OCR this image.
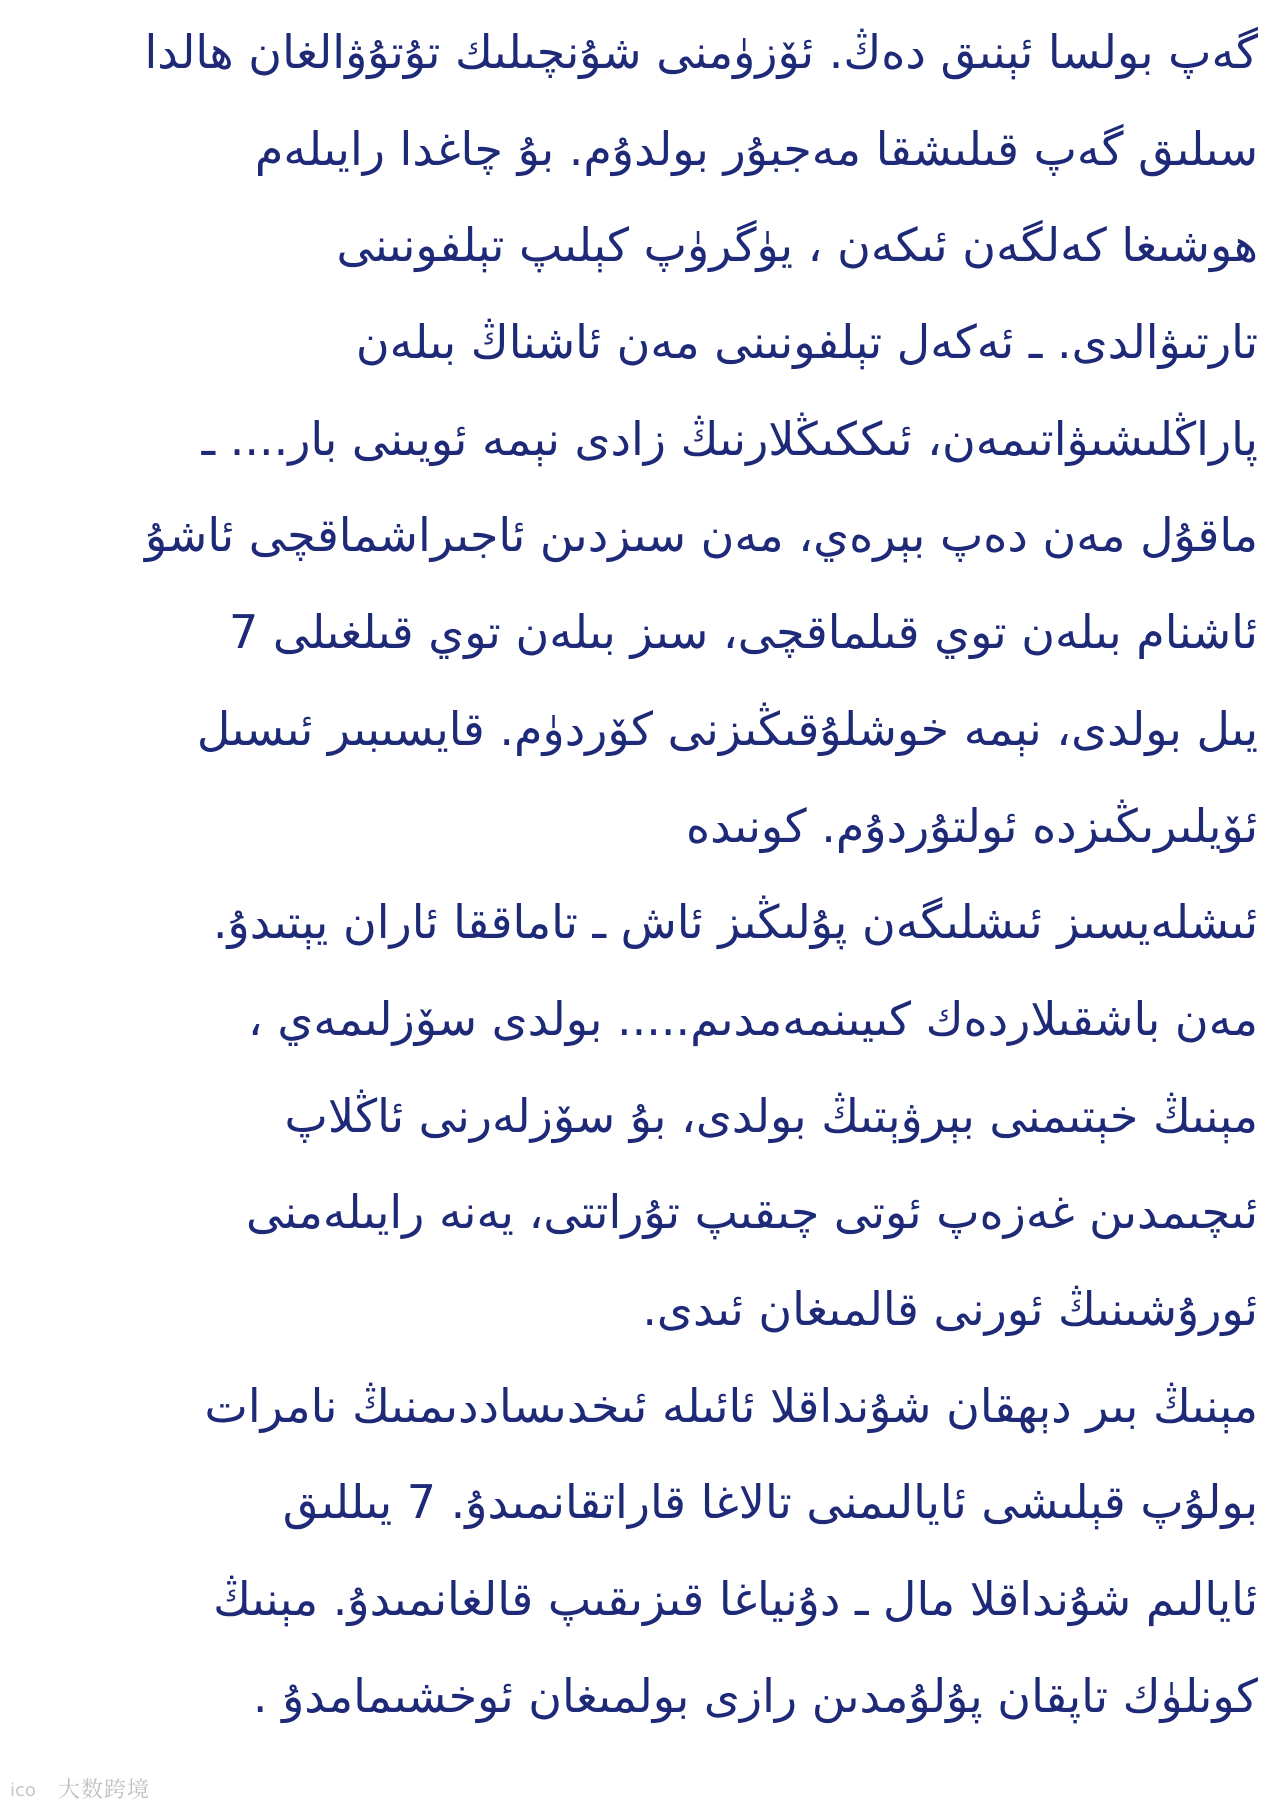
گەپ بولسا ئېنىق دەڭ. ئۆزۈمنى شۇنچىلىك تۇتۇۋالغان ھالدا
سىلىق گەپ قىلىشقا مەجبۇر بولدۇم. بۇ چاغدا رايىلەم
ھوشىغا كەلگەن ئىكەن ، يۈگرۈپ كېلىپ تېلفونىنى
تارتىۋالدى. ـ ئەكەل تېلفونىنى مەن ئاشناڭ بىلەن
پاراڭلىشىۋاتىمەن، ئىككىڭلارنىڭ زادى نېمە ئويىنى بار.... ـ
ماقۇل مەن دەپ بېرەي، مەن سىزدىن ئاجىراشماقچى ئاشۇ
ئاشنام بىلەن توي قىلماقچى، سىز بىلەن توي قىلغىلى 7
يىل بولدى، نېمە خوشلۇقىڭىزنى كۆردۈم. قايسىبىر ئىسىل
ئۆيلىرىڭىزدە ئولتۇردۇم. كونىدە
ئىشلەيسىز ئىشلىگەن پۇلىڭىز ئاش ـ تاماققا ئاران يېتىدۇ.
مەن باشقىلاردەك كىيىنمەمدىم..... بولدى سۆزلىمەي ،
مېنىڭ خېتىمنى بېرۋېتىڭ بولدى، بۇ سۆزلەرنى ئاڭلاپ
ئىچىمدىن غەزەپ ئوتى چىقىپ تۇراتتى، يەنە رايىلەمنى
ئورۇشىنىڭ ئورنى قالمىغان ئىدى.
مېنىڭ بىر دېھقان شۇنداقلا ئائىلە ئىخدىساددىمنىڭ نامرات
بولۇپ قېلىشى ئايالىمنى تالاغا قاراتقانمىدۇ. 7 يىللىق
ئايالىم شۇنداقلا مال ـ دۇنياغا قىزىقىپ قالغانمىدۇ. مېنىڭ
كونلۈك تاپقان پۇلۇمدىن رازى بولمىغان ئوخشىمامدۇ .
ico 大数跨境
